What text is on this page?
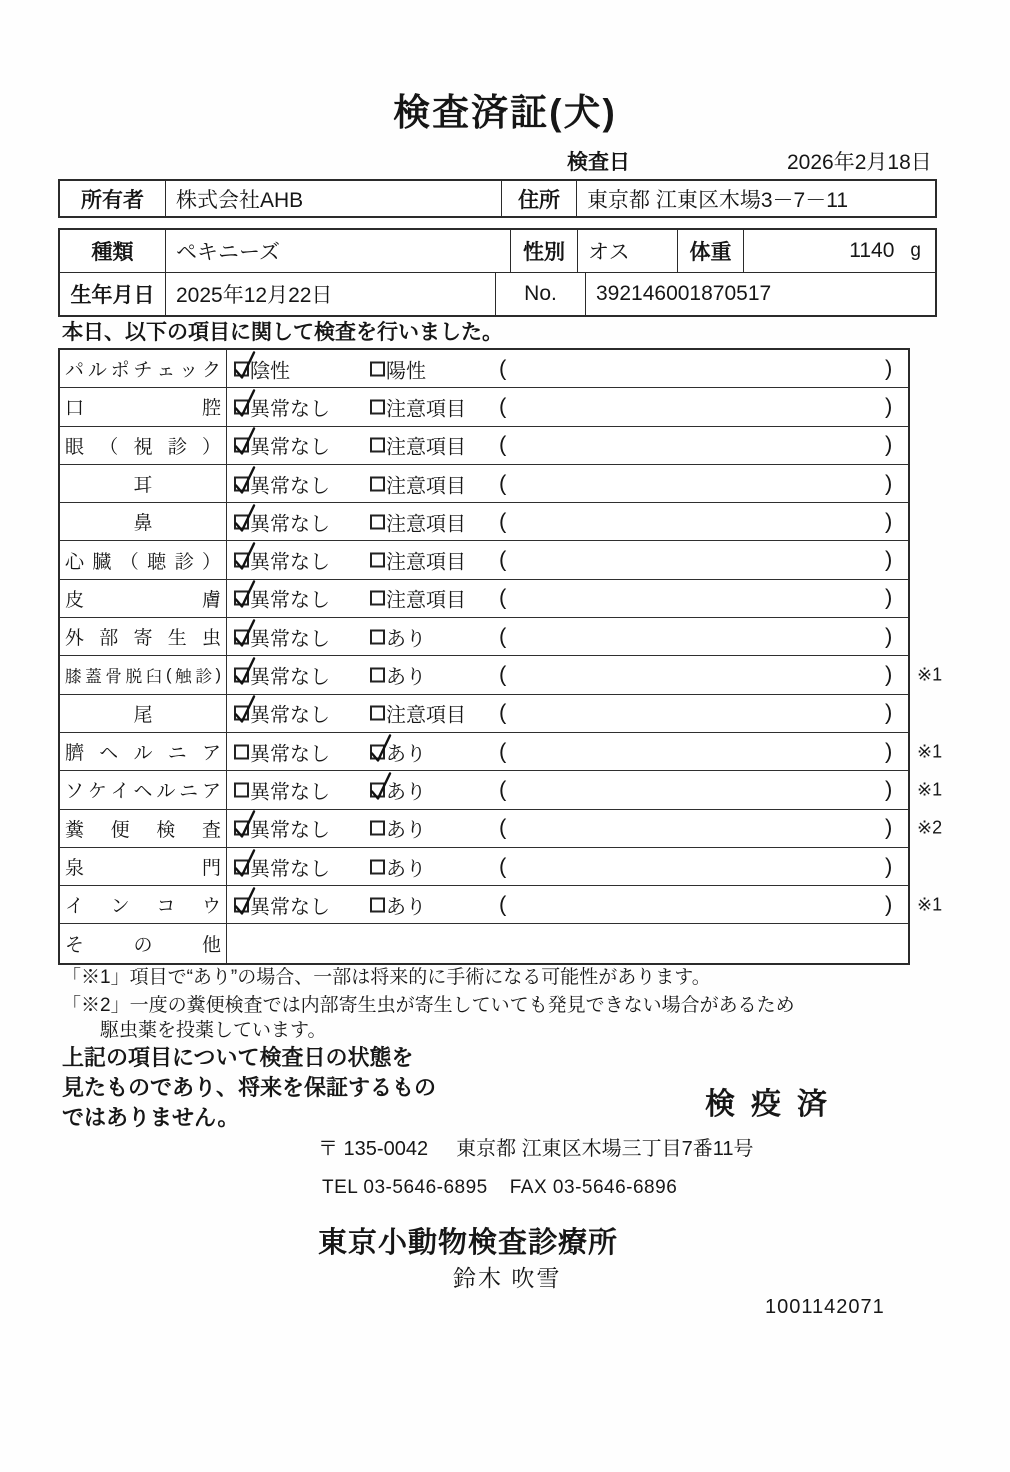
検査済証(犬)
検査日	2026年2月18日
所有者	株式会社AHB	住所	東京都 江東区木場3－7－11
種類	ペキニーズ	性別	オス	体重	1140 g
生年月日	2025年12月22日	No.	392146001870517
本日、以下の項目に関して検査を行いました。
パ ル ポ チ ェ ッ ク 陰性	陽性	(	)
口	腔 異常なし	注意項目 (	)
眼 （ 視 診 ） 異常なし	注意項目 (	)
耳	異常なし	注意項目 (	)
鼻	異常なし	注意項目 (	)
心 臓 （ 聴 診 ） 異常なし	注意項目 (	)
皮	膚 異常なし	注意項目 (	)
外 部 寄 生 虫 異常なし	あり	(	)
膝 蓋 骨 脱 臼 ( 触 診 ) 異常なし	あり	(	) ※1
尾	異常なし	注意項目 (	)
臍 ヘ ル ニ ア 異常なし	あり	(	) ※1
ソ ケ イ ヘ ル ニ ア 異常なし	あり	(	) ※1
糞 便 検 査 異常なし	あり	(	) ※2
泉	門 異常なし	あり	(	)
イ ン コ ウ 異常なし	あり	(	) ※1
そ	の	他
「※1」項目で“あり”の場合、一部は将来的に手術になる可能性があります。
「※2」一度の糞便検査では内部寄生虫が寄生していても発見できない場合があるため
駆虫薬を投薬しています。
上記の項目について検査日の状態を
見たものであり、将来を保証するもの
ではありません。	検疫済
〒 135-0042 東京都 江東区木場三丁目7番11号
TEL 03-5646-6895 FAX 03-5646-6896
東京小動物検査診療所
鈴木 吹雪
1001142071
